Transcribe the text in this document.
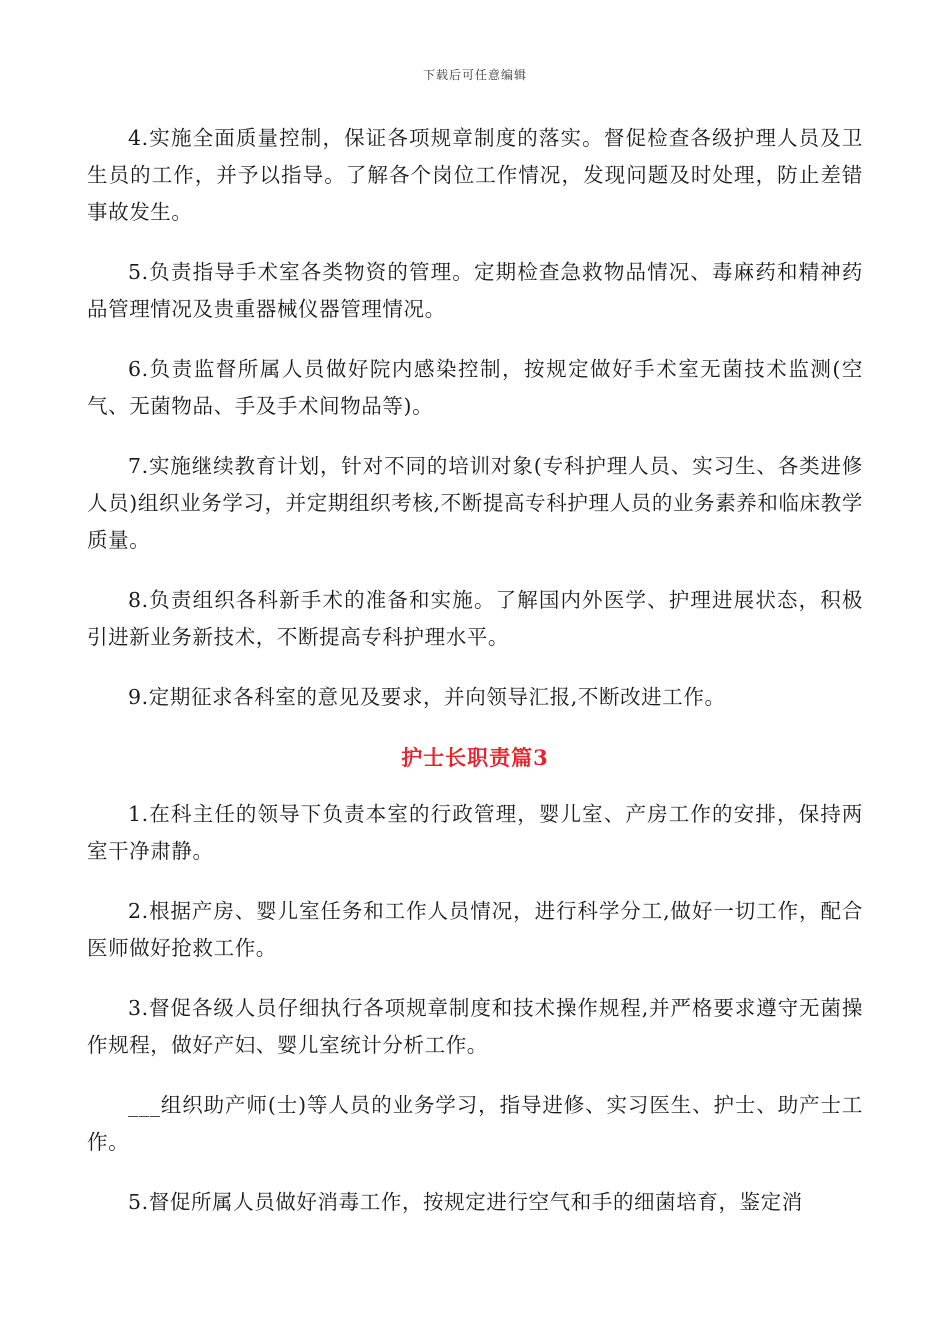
下载后可任意编辑

4.实施全面质量控制，保证各项规章制度的落实。督促检查各级护理人员及卫生员的工作，并予以指导。了解各个岗位工作情况，发现问题及时处理，防止差错事故发生。

5.负责指导手术室各类物资的管理。定期检查急救物品情况、毒麻药和精神药品管理情况及贵重器械仪器管理情况。

6.负责监督所属人员做好院内感染控制，按规定做好手术室无菌技术监测(空气、无菌物品、手及手术间物品等)。

7.实施继续教育计划，针对不同的培训对象(专科护理人员、实习生、各类进修人员)组织业务学习，并定期组织考核,不断提高专科护理人员的业务素养和临床教学质量。

8.负责组织各科新手术的准备和实施。了解国内外医学、护理进展状态，积极引进新业务新技术，不断提高专科护理水平。

9.定期征求各科室的意见及要求，并向领导汇报,不断改进工作。

护士长职责篇3

1.在科主任的领导下负责本室的行政管理，婴儿室、产房工作的安排，保持两室干净肃静。

2.根据产房、婴儿室任务和工作人员情况，进行科学分工,做好一切工作，配合医师做好抢救工作。

3.督促各级人员仔细执行各项规章制度和技术操作规程,并严格要求遵守无菌操作规程，做好产妇、婴儿室统计分析工作。

___组织助产师(士)等人员的业务学习，指导进修、实习医生、护士、助产士工作。

5.督促所属人员做好消毒工作，按规定进行空气和手的细菌培育，鉴定消
